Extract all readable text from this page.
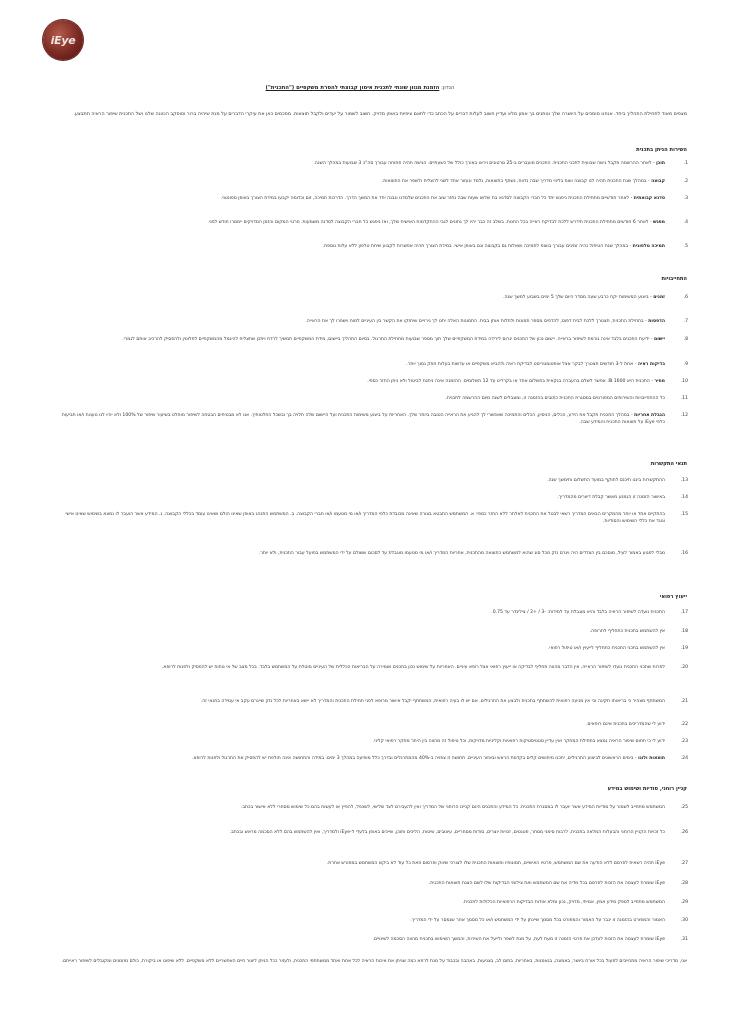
iEye
הנדון: הזמנת מגוון שונתי לתכנית אימון קבוצתי להסרת משקפיים ("התכנית")
מצפים מאוד לתחילת התהליך ביחד. אנחנו סומכים על היושרה שלך ונותנים בך אמון מלא ועדיין חשוב לעלות דברים על הכתב כדי לתאם ציפיות באופן מדויק. חשוב לשמור על יעדים ולקבל תוצאות. מסכמים כאן את עיקרי הדברים על מנת שיהיה ברור וסוסקב הכוונה שלנו ושל התכנית שיפור הראיה תתבצע.
השירות הניתן בתכנית
התחייבויות
תנאי התקשרות
ייעוץ רפואי
קניין רוחני, סודיות ושימוש במידע
1.
תוכן - לאחר ההרשמה תקבל גישה שבועית לתכני התכנית. התכנים מועברים ב-25 סרטונים ויראו באורך כולל של כשעתיים. הגישה תהיה פתוחה עבורך סה"כ 3 שבועות במהלך השנה.
2.
קבוצה - במהלך שנת התכנית תהיה לנו קבוצה ווצפ בליווי מדריך שבה נדווח, נשתף בתוצאות, נלמד ונעזור אחד לשני להצליח ולשפר את התוצאות.
3.
סדנא קבוצתית - לאחר חודשיים מתחילת התכנית ניפגש יחד כל חברי הקבוצה לסדנא בת שלוש שעות שבה נחזר שוב את התכנים שלמדנו ונבנה יחד את המשך הדרך. הדרכות תמיכה, זום וכדומה יקבעו במידת הצורך באופן ספונטני.
4.
מפגש - לאחר 6 חודשים מתחילת התכנית תידרש ללכת לבדיקת ראייה בכל החנות. בשלב זה כבר יהיו לך נתונים לגבי ההתקדמות האישית שלך, ואז ניפגש כל חברי הקבוצה לסדנה משמעות. פרטי המקום והזמן המדויקים יימסרו חודש לפני.
5.
תמיכה טלפונית - במהלך שנת הטיפול נהיה זמינים עבורך בווצפ לתמיכה ושאלות גם בקבוצה וגם באופן אישי. במידת הצורך תהיה אפשרות לקבוע שיחת טלפון ללא עלות נוספת.
6.
זמנים - ביצוע המשימות יקח כרבע שעה מסדר היום שלך 5 ימים בשבוע למשך שנה.
7.
הדפסות - בתחילת התכנית, תצטרך ללכת לבית דפוס, להדפיס מספר תמונות ולתלות אותן בבית. התמונות האלה יתנו לך גירויים שיחזקו את הקשר בין העיניים למוח וישפרו לך את הראייה.
8.
יישום - ידיעת התכנים בלבד אינה גורמת לשיפור בראייה. יישום נכון של התכנים יגרום לירידה במידת המשקפיים שלך תוך מספר שבועות מתחילת התרגול. בסיום התהליך ביישום, מידת המשקפיים תמשיך לרדת ויתכן שתצליח להיגמל מהמשקפיים לחלוטין ולהפסיק להרכיב אותם לגמרי.
9.
בדיקות ראיה - אחת ל-3 חודשים תצטרך לבקר אצל אופטומטריסט לבדיקת ראיה ולהביא משקפיים או עדשות בעלות חוזק נמוך יותר.
10.
מחיר - התכנית היא 1600 ₪. אפשר לשלם בהעברה בנקאית בתשלום אחד או בקרדיט עד 12 תשלומים. ההזמנה אינה ניתנת לביטול ולא ניתן החזר כספי.
11.
כל ההתחייבויות והשירותים המפורטים במסגרת התכנית כתובים בהזמנה זו, ומוגבלים לשנה מיום ההרשמה לתכנית.
12.
הגבלת אחריות - במהלך התכנית תקבל את הידע, הכלים, הניסיון, הכלים והתמיכה שאפשרי לך להגיע את הראייה הטובה ביותר שלך. האחריות על ביצוע משימות התכנית ועל היישום שלה תלויה בך ובשכל החלטותיך. אנו לא מבטיחים הבטחה לשיפור מוחלט בשיעור שיפור של 100% ולא יהיו לנו טענות ו/או תביעות כלפי iEye על תוצאות התכנית והמידע שבה.
13.
ההתקשרות ביננו תיכנס לתוקף במועד התשלום ותימשך שנה.
14.
באישור הזמנה זו הנמנע מאשר קבלת דיוורים מהמדריך.
15.
בהתקיים אחד או יותר מהמקרים הבאים המדריך רשאי לבטל את התכנית לאלתר ללא החזר כספי: א. המשתמש התבטא בצורה שאינה מכובדת כלפי המדריך ו/או מי מטעמו ו/או חברי הקבוצה. ב. המשתמש התנהג באופן שאינו הולם ושאינו עומד בכללי הקבוצה. ג. המידע אשר הועבר לו נמצא בשימוש שאינו אישי ונוגד את כללי השימוש והסודיות.
16.
מבלי לפגוע באמור לעיל, מוסכם בין הצדדים היה ויגרם נזק מכל סוג שהוא למשתמש כתוצאה מהתכנית, אחריות המדריך ו/או מי מטעמו מוגבלת עד לסכום ששולם על ידי המשתמש בפועל עבור התכנית, ולא יותר.
17.
התכנית נועדה לשיפור הראיה בלבד והיא מוגבלת עד למידות: -3 / +2 / צילינדר עד 0.75.
18.
אין להשתמש בתכנית כתחליף לתרופה.
19.
אין להשתמש בתכני התכנית כתחליף לייעוץ ו/או טיפול רפואי.
20.
לפרות שתכני התכנית נועדו לשיפור הראייה, אין הדבר מהווה תחליף לבדיקה או ייעוץ רפואי אצל רופא עיניים. האחריות על שימוש נכון בתכנים ושמירה על הבריאות הכללית של העיניים מוטלת על המשתמש בלבד. בכל מצב של אי נוחות יש להפסיק ולפנות לרופא.
21.
המשתתף מצהיר כי בריאותו תקינה וכי אין מניעה רפואית להשתתף בתכנית ולבצע את התרגילים. אם יש לו בעיה רפואית, המשתתף יקבל אישור מרופא לפני תחילת התכנית והמדריך לא יישא באחריות לכל נזק שייגרם עקב אי עמידה בתנאי זה.
22.
ידוע לי שהמדריכים בתכנית אינם רופאים.
23.
ידוע לי כי תחום שיפור הראיה נמצא בתחילת המחקר ואין עדיין סטטיסטיקות רפואיות וקליניות מדויקות, וכל טיפול זה מהווה בין היתר מחקר רפואי קליני.
24.
תוצאות ולוגו - בימים הראשונים לביצוע התרגילים, יתכנו מיחושים קלים בקדמת הראש ובאזור העיניים. תחושה זו צפויה ב-40% מהמתרגלים ובדרך כלל מופיעה במהלך 3 ימים. במידה והתחושה אינה חולפת יש להפסיק את התרגול ולפנות לרופא.
25.
המשתמש מתחייב לשמור על סודיות המידע אשר יועבר לו במסגרת התכנית. כל המידע והתכנים הינם קניינו הרוחני של המדריך ואין להעבירם לצד שלישי, לשכפל, להפיץ או לעשות בהם כל שימוש מסחרי ללא אישור בכתב.
26.
כל זכויות הקניין הרוחני והבעלות המלאה בתכנית, לרבות סימני מסחר, פטנטים, זכויות יוצרים, סודות מסחריים, עיצובים, שיטות, הליכים ותוכן, שייכים באופן בלעדי ל-iEye ולמדריך, ואין להשתמש בהם ללא הסכמה מראש ובכתב.
27.
iEye תהיה רשאית לפרסם ללא הודעה את שם המשתמש, פרטיו האישיים, תמונותיו ותוצאות התכנית שלו לצורכי שיווק ופרסום וזאת כל עוד לא ביקש המשתמש במפורש אחרת.
28.
iEye שומרת לעצמה את הזכות לפרסם בכל מדיה את שם המשתמש ואת צילומי הבדיקות שלו לשם הצגת תוצאות התכנית.
29.
המשתמש מתחייב לספק מידע אמין, אמיתי, מדויק, נכון ומלא אודות הבדיקות הרפואיות הכלולות לתכנית.
30.
האמור והמפורט בהזמנה זו יגבר על האמור והמפורט בכל מסמך שיינתן על ידי המשתמש ו/או כל מסמך אחר שנמסר על ידי המדריך.
31.
iEye שומרת לעצמה את הזכות לעדכן את פרטי הזמנה זו מעת לעת, על מנת לשפר ולייעל את השירות, והמשך השימוש בתכנית מהווה הסכמה לשינויים.
אני, מדריכי שיפור הראיה מתחייבים לפעול בכל אורח ביושר, באמונה, בנאמנות, באחריות, בתום לב, בצניעות, באהבה ובכבוד על מנת לרפא כמה שניתן את איכות הראיה לכל אחת ואחד ממשתתפי התכנית, ולעזור ככל הניתן ליצור חיים האפשריים ללא משקפיים. ללא שיפוט או ביקורת, כולם מוזמנים ומקובלים לשיפור ראייתם.
